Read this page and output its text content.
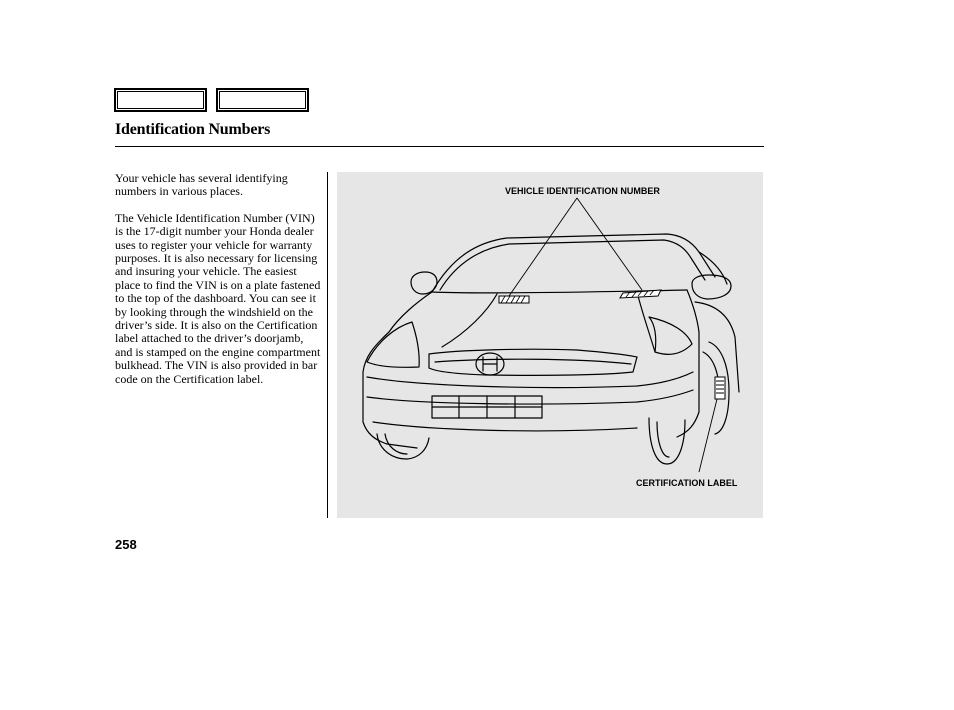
Identification Numbers

Your vehicle has several identifying numbers in various places.

The Vehicle Identification Number (VIN) is the 17-digit number your Honda dealer uses to register your vehicle for warranty purposes. It is also necessary for licensing and insuring your vehicle. The easiest place to find the VIN is on a plate fastened to the top of the dashboard. You can see it by looking through the windshield on the driver’s side. It is also on the Certification label attached to the driver’s doorjamb, and is stamped on the engine compartment bulkhead. The VIN is also provided in bar code on the Certification label.

VEHICLE IDENTIFICATION NUMBER
CERTIFICATION LABEL
258
